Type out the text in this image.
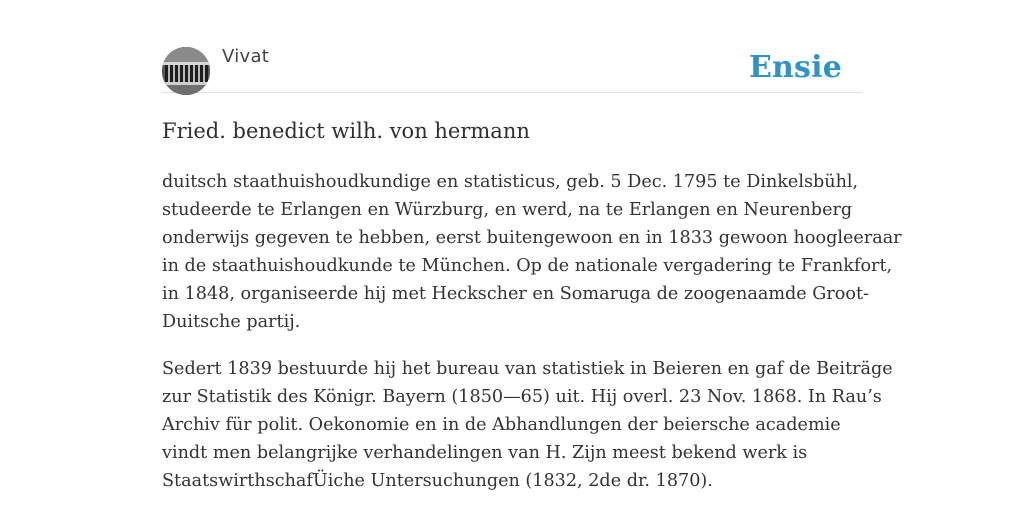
Vivat	Ensie
Fried. benedict wilh. von hermann

duitsch staathuishoudkundige en statisticus, geb. 5 Dec. 1795 te Dinkelsbühl,
studeerde te Erlangen en Würzburg, en werd, na te Erlangen en Neurenberg
onderwijs gegeven te hebben, eerst buitengewoon en in 1833 gewoon hoogleeraar
in de staathuishoudkunde te München. Op de nationale vergadering te Frankfort,
in 1848, organiseerde hij met Heckscher en Somaruga de zoogenaamde Groot-
Duitsche partij.

Sedert 1839 bestuurde hij het bureau van statistiek in Beieren en gaf de Beiträge
zur Statistik des Königr. Bayern (1850—65) uit. Hij overl. 23 Nov. 1868. In Rau’s
Archiv für polit. Oekonomie en in de Abhandlungen der beiersche academie
vindt men belangrijke verhandelingen van H. Zijn meest bekend werk is
StaatswirthschafÜiche Untersuchungen (1832, 2de dr. 1870).
